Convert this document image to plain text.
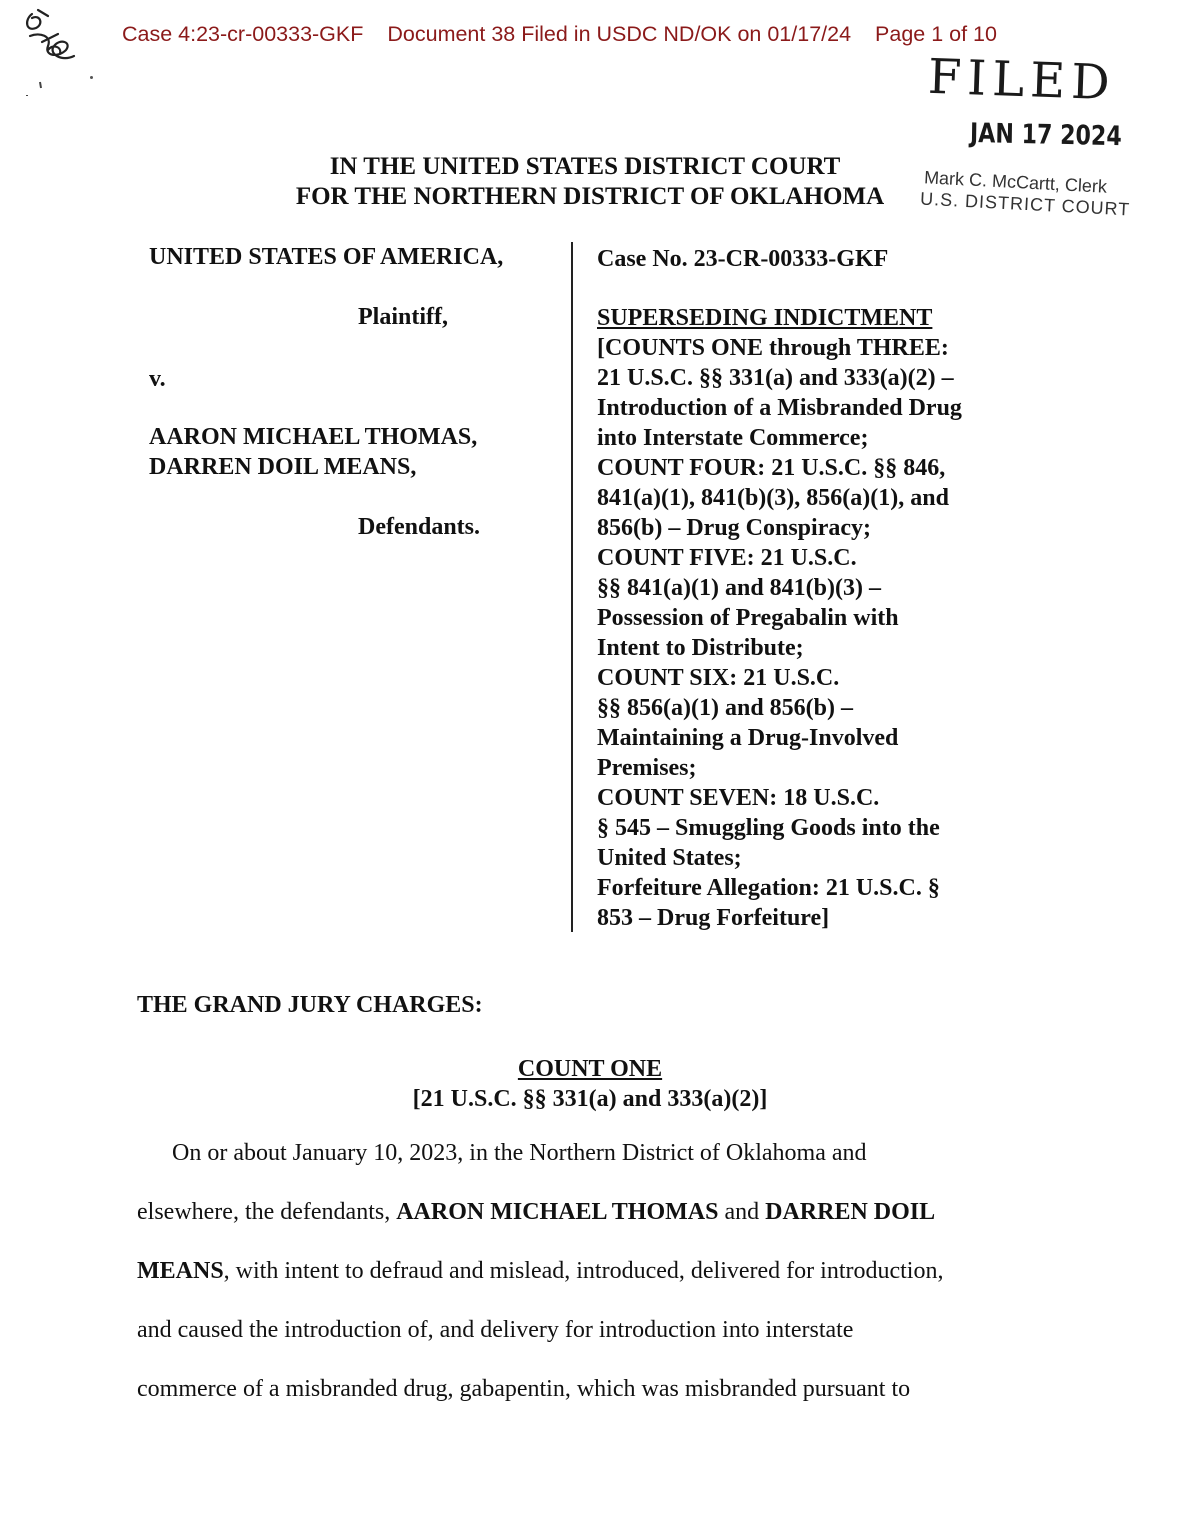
Case 4:23-cr-00333-GKF Document 38 Filed in USDC ND/OK on 01/17/24 Page 1 of 10
FILED
JAN 17 2024
Mark C. McCartt, Clerk
U.S. DISTRICT COURT
IN THE UNITED STATES DISTRICT COURT
FOR THE NORTHERN DISTRICT OF OKLAHOMA
UNITED STATES OF AMERICA,
Plaintiff,
v.
AARON MICHAEL THOMAS,
DARREN DOIL MEANS,
Defendants.
Case No. 23-CR-00333-GKF
SUPERSEDING INDICTMENT
[COUNTS ONE through THREE:
21 U.S.C. §§ 331(a) and 333(a)(2) –
Introduction of a Misbranded Drug
into Interstate Commerce;
COUNT FOUR: 21 U.S.C. §§ 846,
841(a)(1), 841(b)(3), 856(a)(1), and
856(b) – Drug Conspiracy;
COUNT FIVE: 21 U.S.C.
§§ 841(a)(1) and 841(b)(3) –
Possession of Pregabalin with
Intent to Distribute;
COUNT SIX: 21 U.S.C.
§§ 856(a)(1) and 856(b) –
Maintaining a Drug-Involved
Premises;
COUNT SEVEN: 18 U.S.C.
§ 545 – Smuggling Goods into the
United States;
Forfeiture Allegation: 21 U.S.C. §
853 – Drug Forfeiture]
THE GRAND JURY CHARGES:
COUNT ONE
[21 U.S.C. §§ 331(a) and 333(a)(2)]
On or about January 10, 2023, in the Northern District of Oklahoma and
elsewhere, the defendants, AARON MICHAEL THOMAS and DARREN DOIL
MEANS, with intent to defraud and mislead, introduced, delivered for introduction,
and caused the introduction of, and delivery for introduction into interstate
commerce of a misbranded drug, gabapentin, which was misbranded pursuant to
